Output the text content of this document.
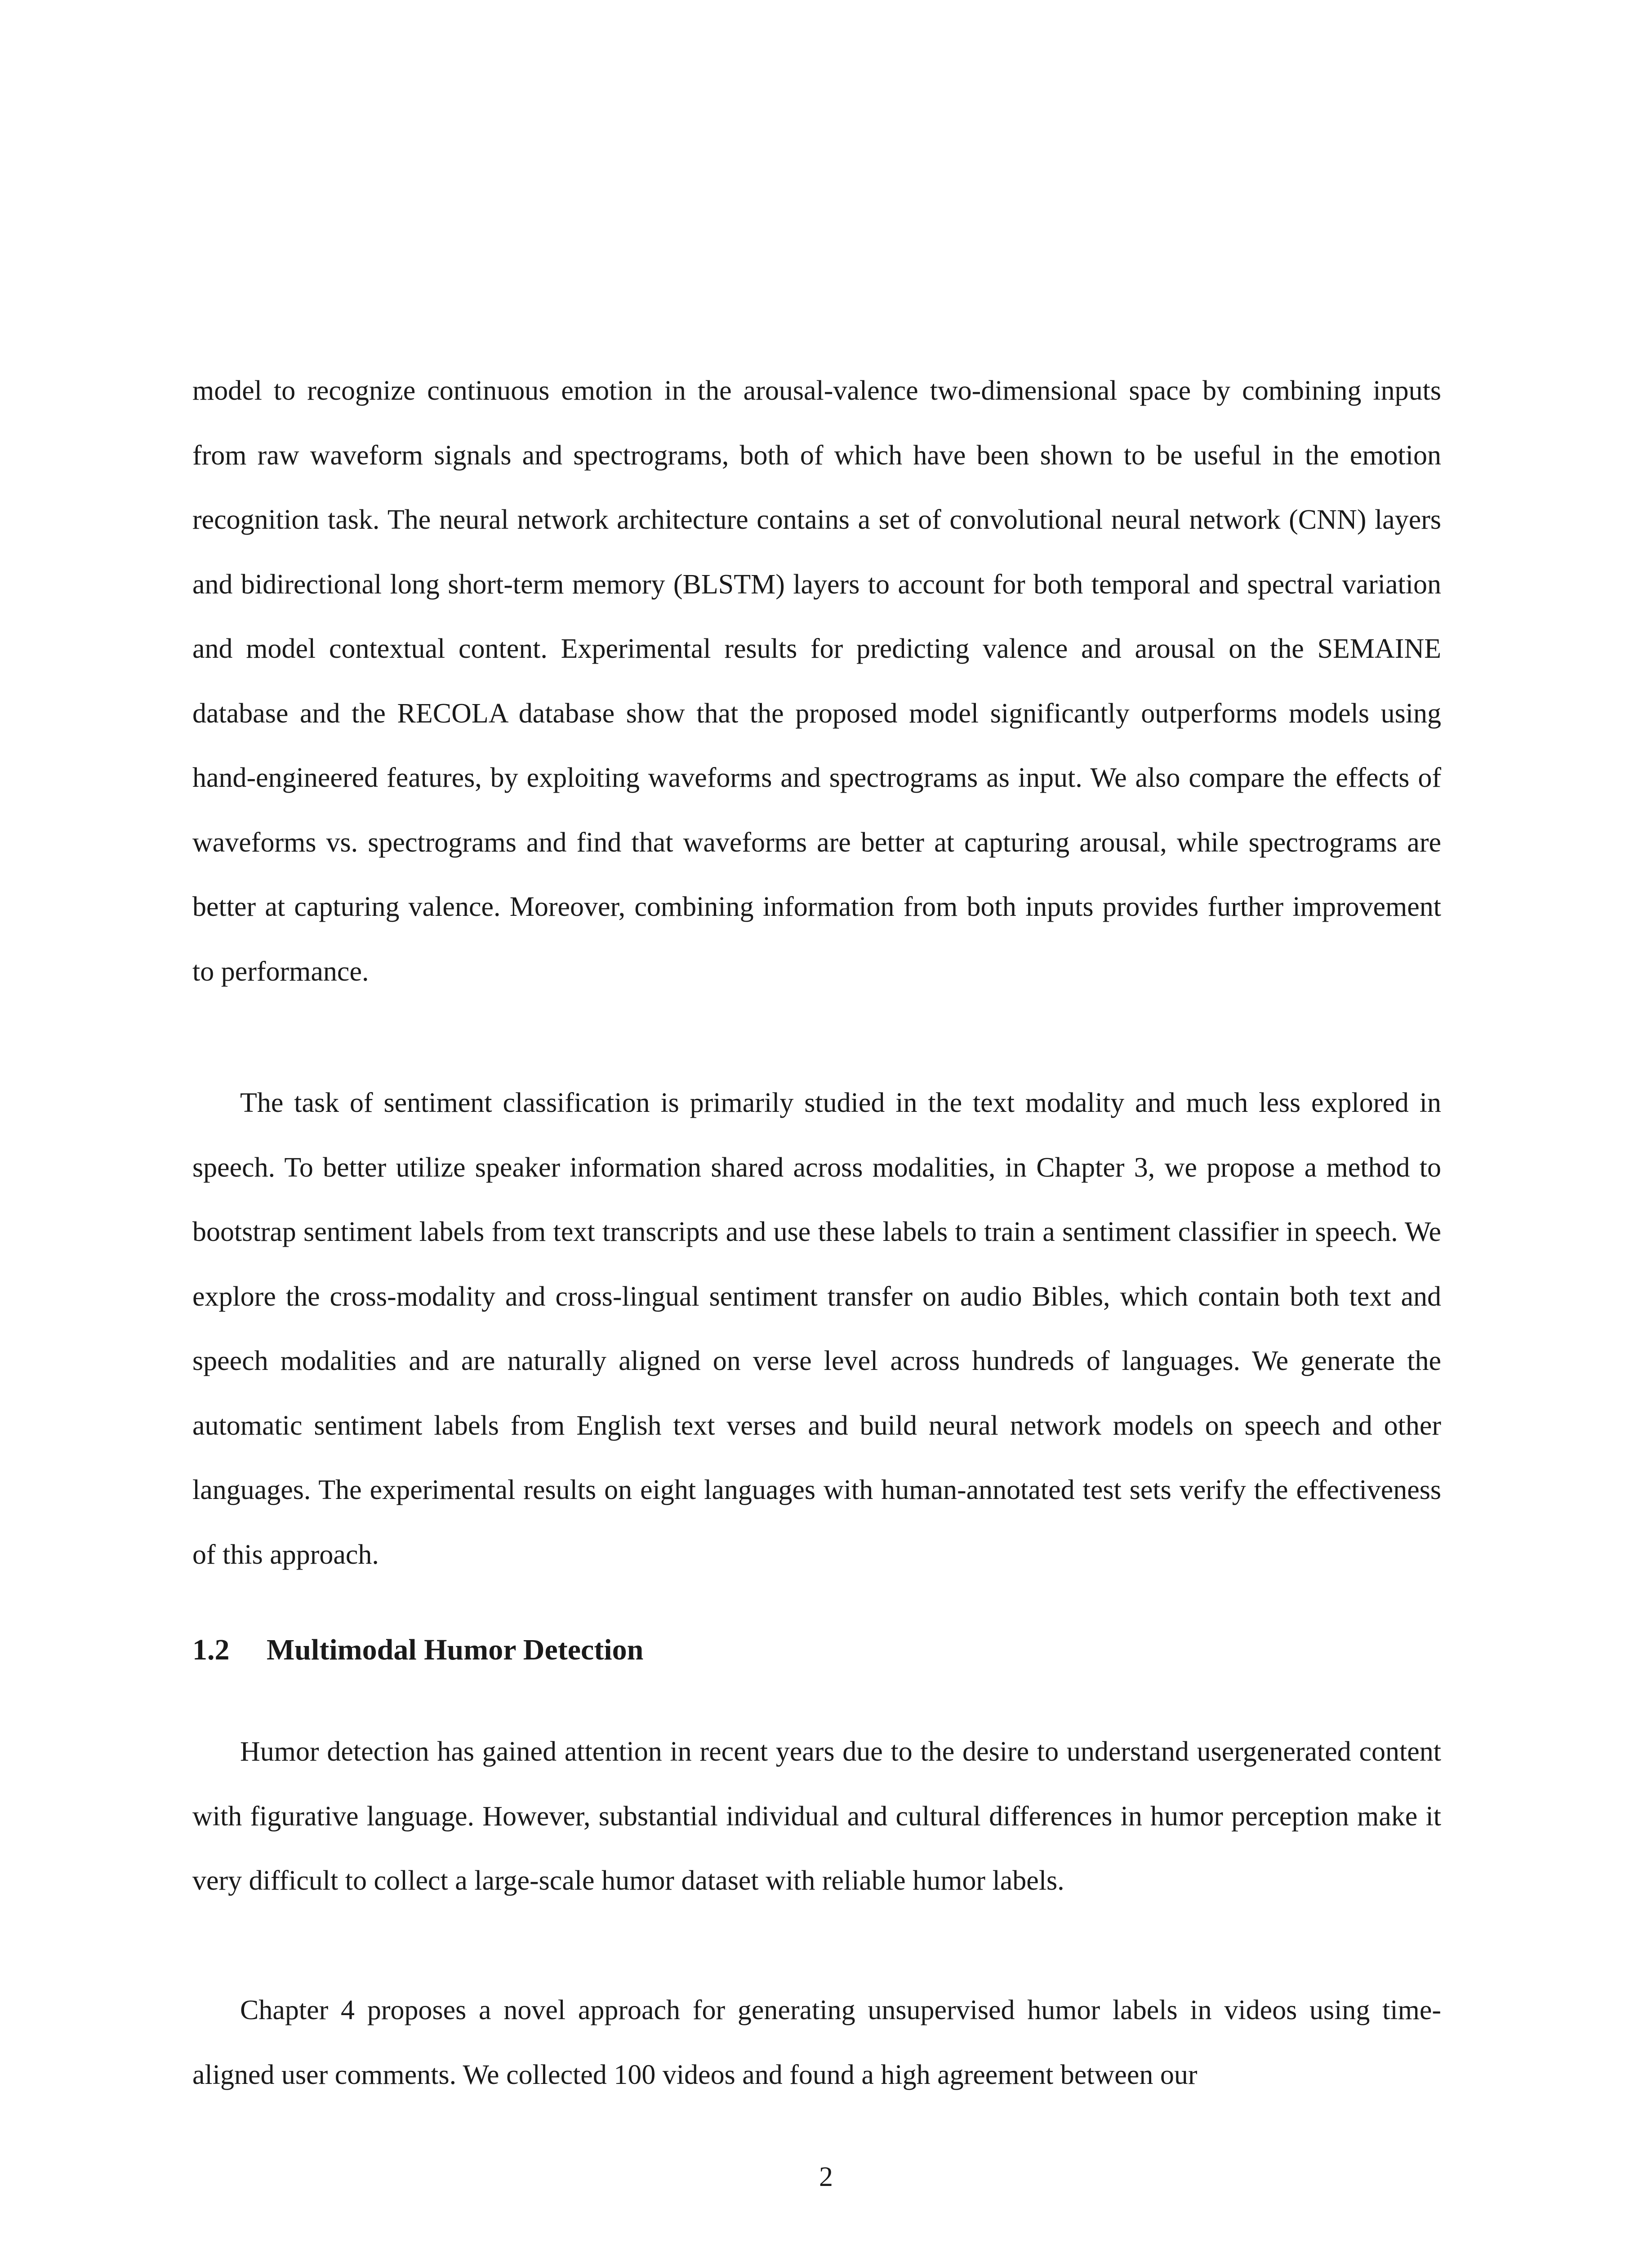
model to recognize continuous emotion in the arousal-valence two-dimensional space by combining inputs from raw waveform signals and spectrograms, both of which have been shown to be useful in the emotion recognition task. The neural network architecture contains a set of convolutional neural network (CNN) layers and bidirectional long short-term memory (BLSTM) layers to account for both temporal and spectral variation and model contextual content. Experimental results for predicting valence and arousal on the SEMAINE database and the RECOLA database show that the proposed model significantly outperforms models using hand-engineered features, by exploiting waveforms and spectrograms as input. We also compare the effects of waveforms vs. spectrograms and find that waveforms are better at capturing arousal, while spectrograms are better at capturing valence. Moreover, combining information from both inputs provides further improvement to performance.

The task of sentiment classification is primarily studied in the text modality and much less explored in speech. To better utilize speaker information shared across modalities, in Chapter 3, we propose a method to bootstrap sentiment labels from text transcripts and use these labels to train a sentiment classifier in speech. We explore the cross-modality and cross-lingual sentiment transfer on audio Bibles, which contain both text and speech modalities and are naturally aligned on verse level across hundreds of languages. We generate the automatic sentiment labels from English text verses and build neural network models on speech and other languages. The experimental results on eight languages with human-annotated test sets verify the effectiveness of this approach.

1.2 Multimodal Humor Detection

Humor detection has gained attention in recent years due to the desire to understand usergenerated content with figurative language. However, substantial individual and cultural differences in humor perception make it very difficult to collect a large-scale humor dataset with reliable humor labels.

Chapter 4 proposes a novel approach for generating unsupervised humor labels in videos using time-aligned user comments. We collected 100 videos and found a high agreement between our

2
